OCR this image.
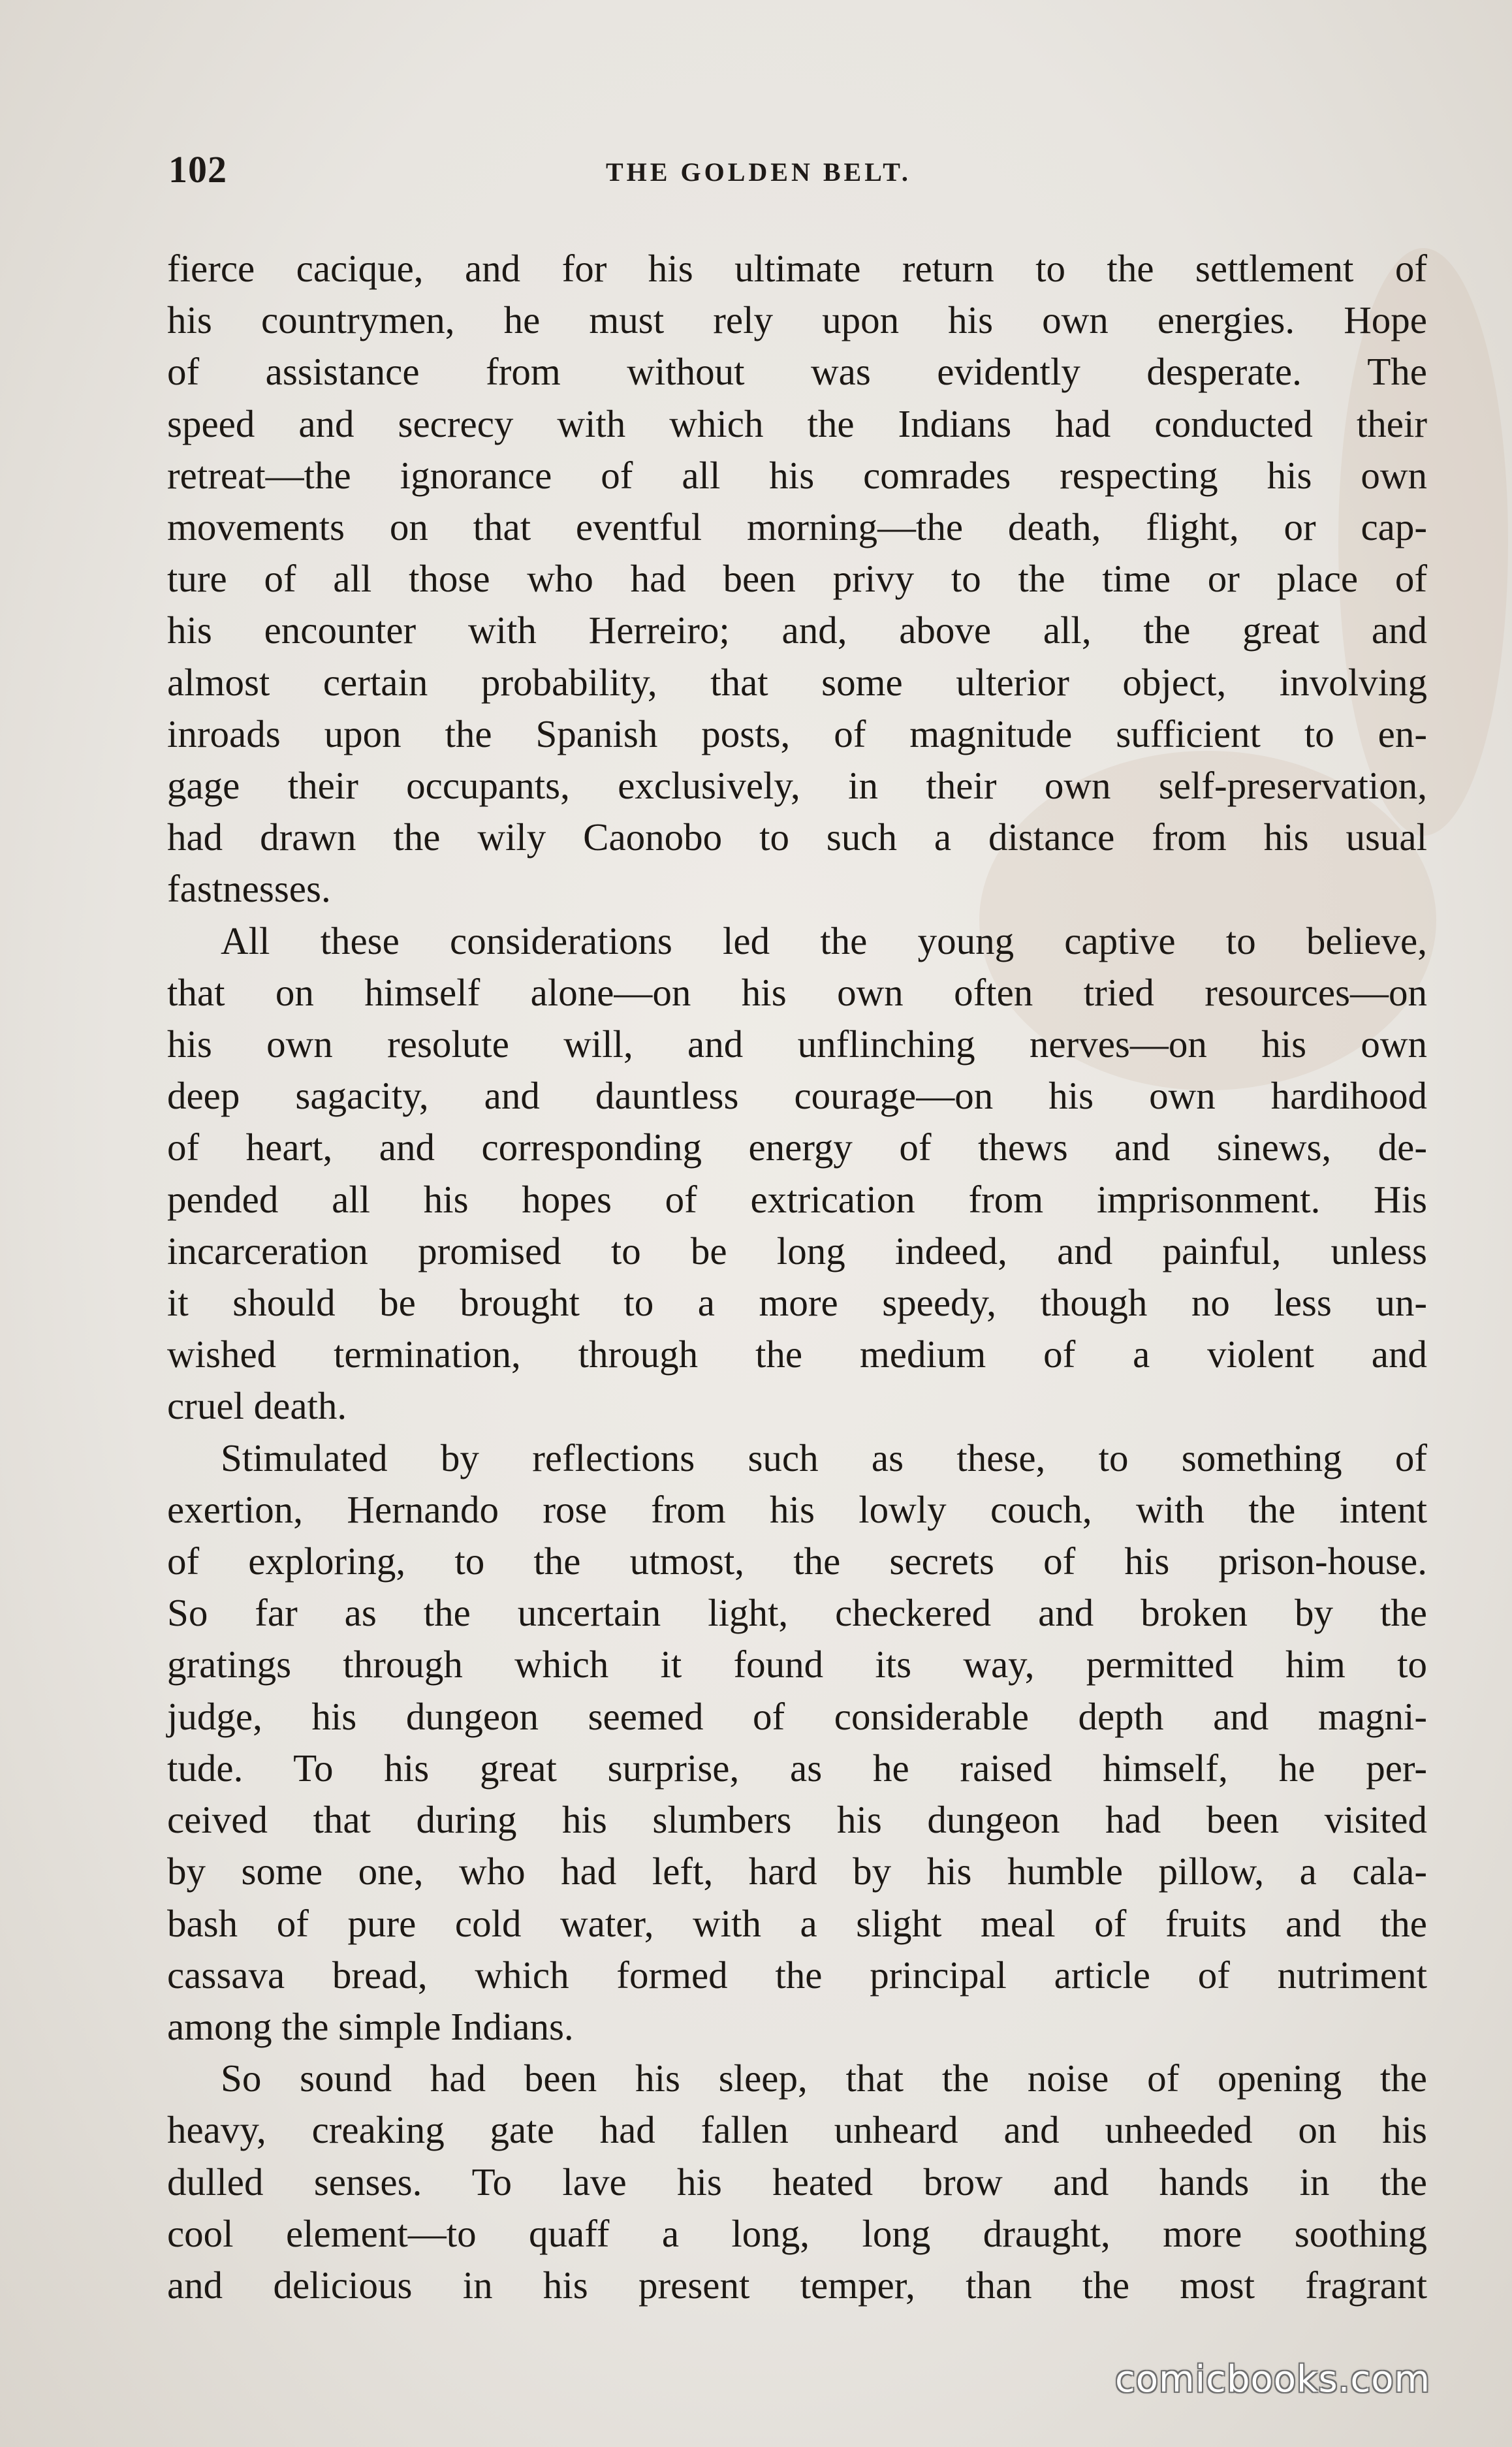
102	THE GOLDEN BELT.

fierce cacique, and for his ultimate return to the settlement of

his countrymen, he must rely upon his own energies. Hope

of assistance from without was evidently desperate. The

speed and secrecy with which the Indians had conducted their

retreat—the ignorance of all his comrades respecting his own

movements on that eventful morning—the death, flight, or cap-

ture of all those who had been privy to the time or place of

his encounter with Herreiro; and, above all, the great and

almost certain probability, that some ulterior object, involving

inroads upon the Spanish posts, of magnitude sufficient to en-

gage their occupants, exclusively, in their own self-preservation,

had drawn the wily Caonobo to such a distance from his usual

fastnesses.

All these considerations led the young captive to believe,

that on himself alone—on his own often tried resources—on

his own resolute will, and unflinching nerves—on his own

deep sagacity, and dauntless courage—on his own hardihood

of heart, and corresponding energy of thews and sinews, de-

pended all his hopes of extrication from imprisonment. His

incarceration promised to be long indeed, and painful, unless

it should be brought to a more speedy, though no less un-

wished termination, through the medium of a violent and

cruel death.

Stimulated by reflections such as these, to something of

exertion, Hernando rose from his lowly couch, with the intent

of exploring, to the utmost, the secrets of his prison-house.

So far as the uncertain light, checkered and broken by the

gratings through which it found its way, permitted him to

judge, his dungeon seemed of considerable depth and magni-

tude. To his great surprise, as he raised himself, he per-

ceived that during his slumbers his dungeon had been visited

by some one, who had left, hard by his humble pillow, a cala-

bash of pure cold water, with a slight meal of fruits and the

cassava bread, which formed the principal article of nutriment

among the simple Indians.

So sound had been his sleep, that the noise of opening the

heavy, creaking gate had fallen unheard and unheeded on his

dulled senses. To lave his heated brow and hands in the

cool element—to quaff a long, long draught, more soothing

and delicious in his present temper, than the most fragrant

comicbooks.com
